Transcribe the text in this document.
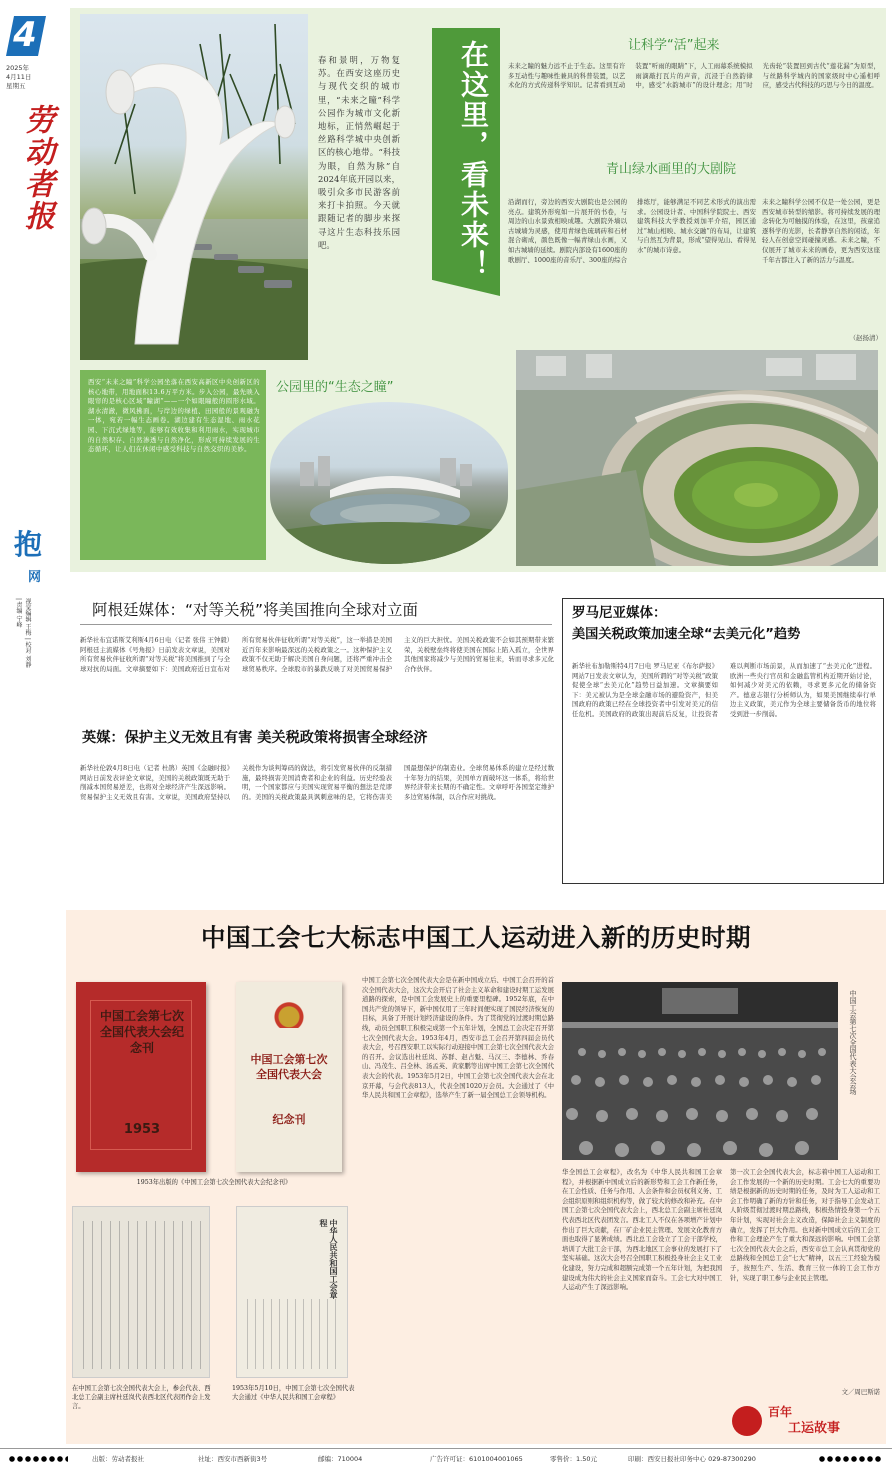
4
2025年
4月11日
星期五
劳动者报
抱
网
视觉编辑 王梅 | 校对 刘静 | 责编 宁峰
春和景明，万物复苏。在西安这座历史与现代交织的城市里，“未来之瞳”科学公园作为城市文化新地标，正悄然崛起于丝路科学城中央创新区的核心地带。“科技为眼，自然为脉”自2024年底开园以来，吸引众多市民游客前来打卡拍照。今天就跟随记者的脚步来探寻这片生态科技乐园吧。	在这里，看未来！	让科学“活”起来
青山绿水画里的大剧院
公园里的“生态之瞳”
未来之瞳的魅力远不止于生态。这里有许多互动性与趣味性兼具的科普装置，以艺术化的方式传递科学知识。记者看到互动装置“听雨的眼睛”下，人工雨幕系统模拟雨滴敲打瓦片的声音，沉浸于自然韵律中，感受“水韵城市”的设计理念；用“时光齿轮”装置回到古代“莲花漏”为原型，与丝路科学城内的国家级时中心遥相呼应，感受古代科技的巧思与今日的温度。
沿湖而行，旁边的西安大剧院也是公园的亮点。建筑外形宛如一片展开的书卷，与周边的山水景致相映成趣。大剧院外墙以古城墙为灵感，使用青绿色琉璃砖和石材混合砌成，颜色既像一幅青绿山水画，又如古城墙的延续。剧院内部设有1600座的歌剧厅、1000座的音乐厅、300座的综合排练厅，能够满足不同艺术形式的演出需求。公园设计者、中国科学院院士、西安建筑科技大学教授刘加平介绍，园区通过“城山相映、城水交融”的布局，让建筑与自然互为背景，形成“望得见山、看得见水”的城市诗意。
未来之瞳科学公园不仅是一处公园，更是西安城市转型的缩影。将可持续发展的理念转化为可触摸的体验，在这里，孩童追逐科学的光影，长者静享自然的闲适，年轻人在创意空间碰撞灵感。未来之瞳，不仅展开了城市未来的画卷，更为西安这座千年古都注入了新的活力与温度。
（赵扬清）
西安“未来之瞳”科学公园坐落在西安高新区中央创新区的核心地带，用地面积13.6万平方米。步入公园，最先映入眼帘的是核心区域“瞳湖”——一个如眼瞳般的圆形水域。湖水清澈，微风拂面，与岸边的绿植、田园般的景观融为一体，宛若一幅生态画卷。湖边建有生态湿地、雨水花园、下沉式绿地等，能够有效收集和利用雨水，实现城市的自然积存、自然渗透与自然净化，形成可持续发展的生态循环，让人们在休闲中感受科技与自然交织的美妙。
阿根廷媒体：“对等关税”将美国推向全球对立面
新华社布宜诺斯艾利斯4月6日电（记者 张伟 王钟毅）阿根廷主流媒体《号角报》日前发表文章说，美国对所有贸易伙伴征收所谓“对等关税”将美国推到了与全球对抗的局面。文章摘要如下：美国政府近日宣布对所有贸易伙伴征收所谓“对等关税”，这一举措是美国近百年来影响最深远的关税政策之一。这种保护主义政策不仅无助于解决美国自身问题，还将严重冲击全球贸易秩序。全球股市的暴跌反映了对美国贸易保护主义的巨大担忧。美国关税政策不会如其预期带来繁荣，关税壁垒终将使美国在国际上陷入孤立，全世界其他国家将减少与美国的贸易往来，转而寻求多元化合作伙伴。
英媒：保护主义无效且有害 美关税政策将损害全球经济
新华社伦敦4月8日电（记者 杜鹃）英国《金融时报》网站日前发表评论文章说，美国的关税政策既无助于削减本国贸易逆差，也将对全球经济产生深远影响。贸易保护主义无效且有害。文章说，美国政府坚持以关税作为谈判筹码的做法，将引发贸易伙伴的反制措施，最终损害美国消费者和企业的利益。历史经验表明，一个国家都应与美国实现贸易平衡的想法是荒谬的。美国的关税政策最具讽刺意味的是，它将伤害美国最想保护的制造业。全球贸易体系的建立是经过数十年努力的结果，美国单方面破坏这一体系，将给世界经济带来长期的不确定性。文章呼吁各国坚定维护多边贸易体制，以合作应对挑战。
罗马尼亚媒体：
美国关税政策加速全球“去美元化”趋势
新华社布加勒斯特4月7日电 罗马尼亚《布尔萨报》网站7日发表文章认为，美国所谓的“对等关税”政策促使全球“去美元化”趋势日益加速。文章摘要如下：美元被认为是全球金融市场的避险资产，但美国政府的政策已经在全球投资者中引发对美元的信任危机。美国政府的政策出现前后反复，让投资者难以判断市场前景，从而加速了“去美元化”进程。欧洲一些央行官员和金融监管机构近期开始讨论，如何减少对美元的依赖，寻求更多元化的储备资产。德意志银行分析师认为，如果美国继续奉行单边主义政策，美元作为全球主要储备货币的地位将受到进一步削弱。
中国工会七大标志中国工人运动进入新的历史时期
中国工会第七次全国代表大会纪念刊
1953
中国工会第七次全国代表大会
纪念刊
1953年出版的《中国工会第七次全国代表大会纪念刊》
中华人民共和国工会章程
在中国工会第七次全国代表大会上，参会代表、西北总工会副主席杜廷岚代表西北区代表团作会上发言。
1953年5月10日，中国工会第七次全国代表大会通过《中华人民共和国工会章程》
中国工会第七次全国代表大会是在新中国成立后、中国工会召开的首次全国代表大会，这次大会开启了社会主义革命和建设时期工运发展道路的探索，是中国工会发展史上的重要里程碑。1952年底，在中国共产党的领导下，新中国仅用了三年时间便实现了国民经济恢复的目标，具备了开展计划经济建设的条件。为了贯彻党的过渡时期总路线，动员全国职工积极完成第一个五年计划，全国总工会决定召开第七次全国代表大会。1953年4月，西安市总工会召开第四届会员代表大会，号召西安职工以实际行动迎接中国工会第七次全国代表大会的召开。会议选出杜廷岚、苏群、赵占魁、马汉三、李德林、乔春山、冯茂生、吕全林、汤孟英、黄家鹏等出席中国工会第七次全国代表大会的代表。1953年5月2日，中国工会第七次全国代表大会在北京开幕，与会代表813人，代表全国1020万会员。大会通过了《中华人民共和国工会章程》，选举产生了新一届全国总工会领导机构。
华全国总工会章程》，改名为《中华人民共和国工会章程》，并根据新中国成立后的新形势和工会工作新任务，在工会性质、任务与作用、人会条件和会员权利义务、工会组织原则和组织机构等，做了较大的修改和补充。在中国工会第七次全国代表大会上，西北总工会副主席杜廷岚代表西北区代表团发言。西北工人不仅在各项增产计划中作出了巨大贡献，在厂矿企业民主管理、发展文化教育方面也取得了显著成绩。西北总工会设立了工会干部学校，培训了大批工会干部，为西北地区工会事业的发展打下了坚实基础。这次大会号召全国职工积极投身社会主义工业化建设，努力完成和超额完成第一个五年计划，为把我国建设成为伟大的社会主义国家而奋斗。工会七大对中国工人运动产生了深远影响。
第一次工会全国代表大会，标志着中国工人运动和工会工作发展的一个新的历史时期。工会七大的重要功绩是根据新的历史时期的任务，及时为工人运动和工会工作明确了新的方针和任务，对于指导工会发动工人阶级贯彻过渡时期总路线，积极热情投身第一个五年计划，实现对社会主义改造，保障社会主义制度的确立，发挥了巨大作用。也对新中国成立后的工会工作和工会理论产生了重大和深远的影响。中国工会第七次全国代表大会之后，西安市总工会认真贯彻党的总路线和全国总工会“七大”精神，以五三工经验为模子，按照生产、生活、教育三位一体的工会工作方针，实现了职工参与企业民主管理。
文／周巴斯诺
中国工会第七次全国代表大会会场
百年
工运故事
出版：劳动者报社	社址：西安市西新街3号	邮编：710004	广告许可证：6101004001065	零售价：1.50元	印刷：西安日报社印务中心 029-87300290
